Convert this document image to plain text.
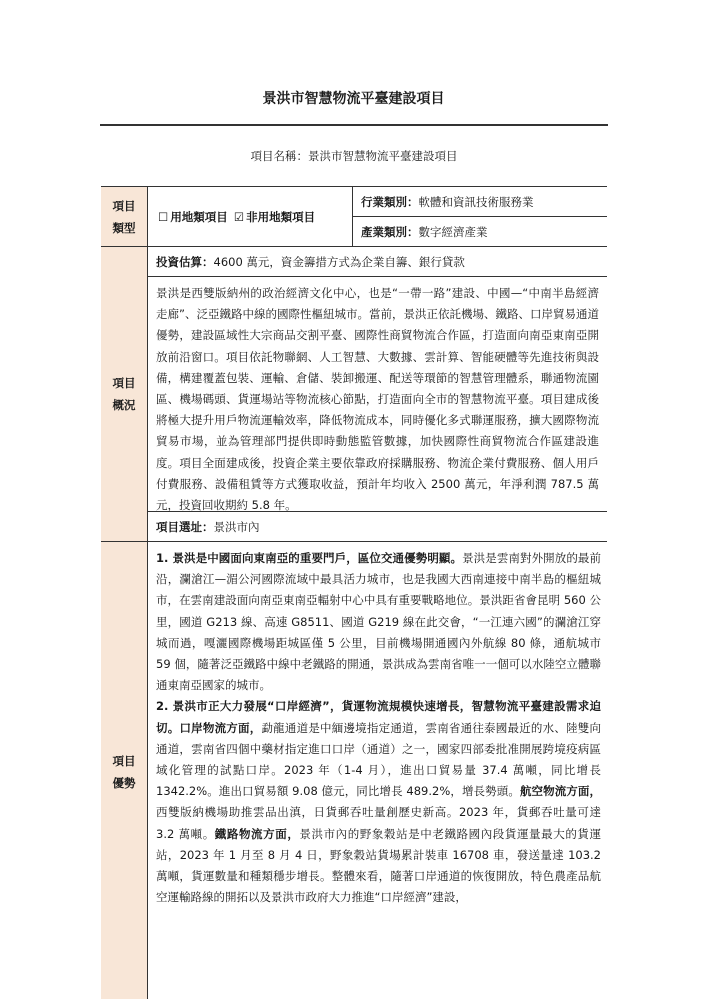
景洪市智慧物流平臺建設項目
項目名稱：景洪市智慧物流平臺建設項目
項目類型
☐ 用地類項目 ☑ 非用地類項目
行業類別： 軟體和資訊技術服務業
產業類別： 數字經濟產業
項目概況
投資估算： 4600 萬元，資金籌措方式為企業自籌、銀行貸款
景洪是西雙版納州的政治經濟文化中心，也是“一帶一路”建設、中國—“中南半島經濟走廊”、泛亞鐵路中線的國際性樞紐城市。當前，景洪正依託機場、鐵路、口岸貿易通道優勢，建設區域性大宗商品交割平臺、國際性商貿物流合作區，打造面向南亞東南亞開放前沿窗口。項目依託物聯網、人工智慧、大數據、雲計算、智能硬體等先進技術與設備，構建覆蓋包裝、運輸、倉儲、裝卸搬運、配送等環節的智慧管理體系，聯通物流園區、機場碼頭、貨運場站等物流核心節點，打造面向全市的智慧物流平臺。項目建成後將極大提升用戶物流運輸效率，降低物流成本，同時優化多式聯運服務，擴大國際物流貿易市場，並為管理部門提供即時動態監管數據，加快國際性商貿物流合作區建設進度。項目全面建成後，投資企業主要依靠政府採購服務、物流企業付費服務、個人用戶付費服務、設備租賃等方式獲取收益，預計年均收入 2500 萬元，年淨利潤 787.5 萬元，投資回收期約 5.8 年。
項目選址： 景洪市內
項目優勢

1. 景洪是中國面向東南亞的重要門戶，區位交通優勢明顯。景洪是雲南對外開放的最前沿，瀾滄江—湄公河國際流域中最具活力城市，也是我國大西南連接中南半島的樞紐城市，在雲南建設面向南亞東南亞輻射中心中具有重要戰略地位。景洪距省會昆明 560 公里，國道 G213 線、高速 G8511、國道 G219 線在此交會，“一江連六國”的瀾滄江穿城而過，嘎灑國際機場距城區僅 5 公里，目前機場開通國內外航線 80 條，通航城市 59 個，隨著泛亞鐵路中線中老鐵路的開通，景洪成為雲南省唯一一個可以水陸空立體聯通東南亞國家的城市。

2. 景洪市正大力發展“口岸經濟”，貨運物流規模快速增長，智慧物流平臺建設需求迫切。口岸物流方面，勐龍通道是中緬邊境指定通道，雲南省通往泰國最近的水、陸雙向通道，雲南省四個中藥材指定進口口岸（通道）之一，國家四部委批准開展跨境疫病區域化管理的試點口岸。2023 年（1-4 月），進出口貿易量 37.4 萬噸，同比增長 1342.2%。進出口貿易額 9.08 億元，同比增長 489.2%，增長勢頭。航空物流方面，西雙版納機場助推雲品出滇，日貨郵吞吐量創歷史新高。2023 年，貨郵吞吐量可達 3.2 萬噸。鐵路物流方面，景洪市內的野象穀站是中老鐵路國內段貨運量最大的貨運站，2023 年 1 月至 8 月 4 日，野象穀站貨場累計裝車 16708 車，發送量達 103.2 萬噸，貨運數量和種類穩步增長。整體來看，隨著口岸通道的恢復開放，特色農產品航空運輸路線的開拓以及景洪市政府大力推進“口岸經濟”建設，
